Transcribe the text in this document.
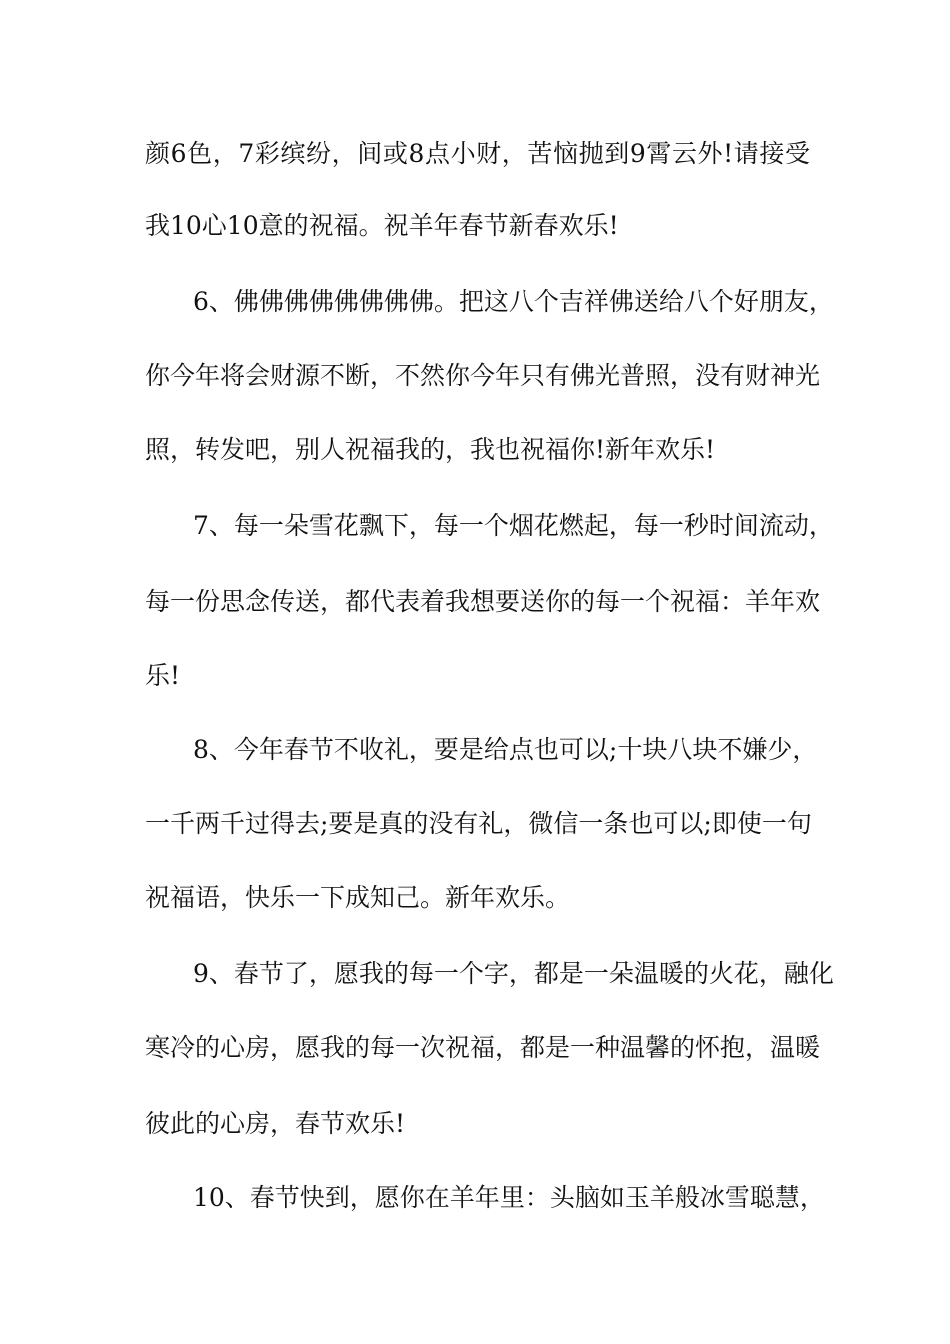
颜6色，7彩缤纷，间或8点小财，苦恼抛到9霄云外!请接受
我10心10意的祝福。祝羊年春节新春欢乐!
6、佛佛佛佛佛佛佛佛。把这八个吉祥佛送给八个好朋友，
你今年将会财源不断，不然你今年只有佛光普照，没有财神光
照，转发吧，别人祝福我的，我也祝福你!新年欢乐!
7、每一朵雪花飘下，每一个烟花燃起，每一秒时间流动，
每一份思念传送，都代表着我想要送你的每一个祝福：羊年欢
乐!
8、今年春节不收礼，要是给点也可以;十块八块不嫌少，
一千两千过得去;要是真的没有礼，微信一条也可以;即使一句
祝福语，快乐一下成知己。新年欢乐。
9、春节了，愿我的每一个字，都是一朵温暖的火花，融化
寒冷的心房，愿我的每一次祝福，都是一种温馨的怀抱，温暖
彼此的心房，春节欢乐!
10、春节快到，愿你在羊年里：头脑如玉羊般冰雪聪慧，
